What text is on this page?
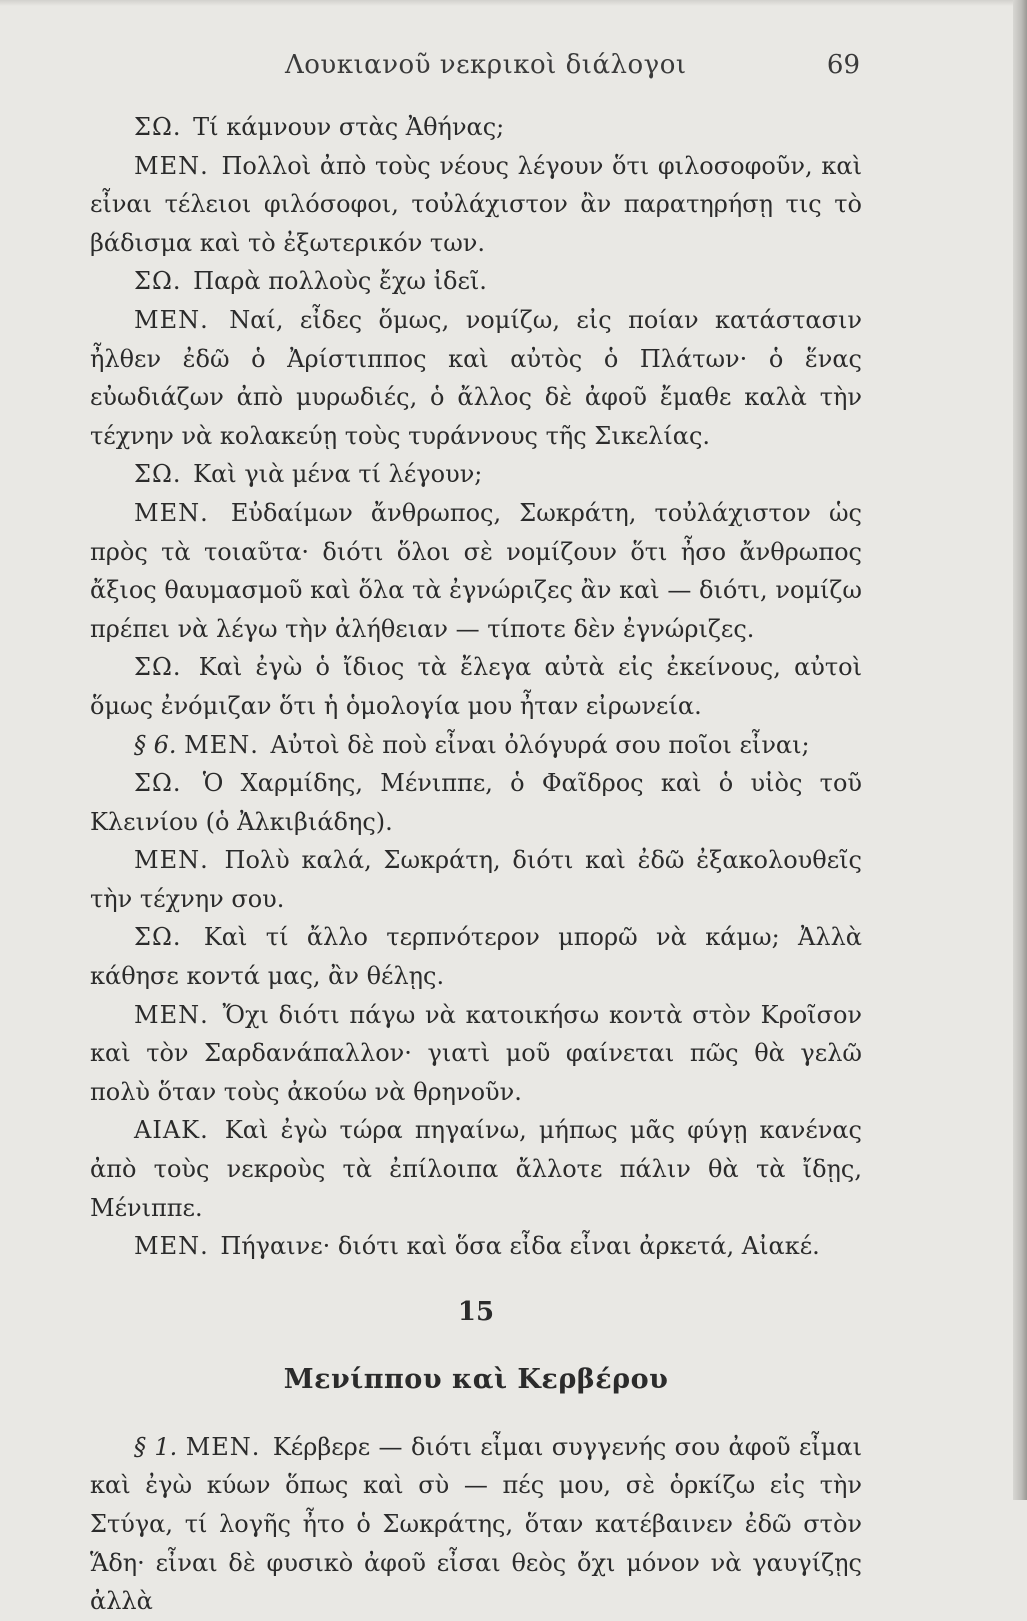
Λουκιανοῦ νεκρικοὶ διάλογοι	69

ΣΩ. Τί κάμνουν στὰς Ἀθήνας;

ΜΕΝ. Πολλοὶ ἀπὸ τοὺς νέους λέγουν ὅτι φιλοσοφοῦν, καὶ εἶναι τέλειοι φιλόσοφοι, τοὐλάχιστον ἂν παρατηρήσῃ τις τὸ βάδισμα καὶ τὸ ἐξωτερικόν των.

ΣΩ. Παρὰ πολλοὺς ἔχω ἰδεῖ.

ΜΕΝ. Ναί, εἶδες ὅμως, νομίζω, εἰς ποίαν κατάστασιν ἦλθεν ἐδῶ ὁ Ἀρίστιππος καὶ αὐτὸς ὁ Πλάτων· ὁ ἕνας εὐωδιάζων ἀπὸ μυρωδιές, ὁ ἄλλος δὲ ἀφοῦ ἔμαθε καλὰ τὴν τέχνην νὰ κολακεύῃ τοὺς τυράννους τῆς Σικελίας.

ΣΩ. Καὶ γιὰ μένα τί λέγουν;

ΜΕΝ. Εὐδαίμων ἄνθρωπος, Σωκράτη, τοὐλάχιστον ὡς πρὸς τὰ τοιαῦτα· διότι ὅλοι σὲ νομίζουν ὅτι ἦσο ἄνθρωπος ἄξιος θαυμασμοῦ καὶ ὅλα τὰ ἐγνώριζες ἂν καὶ — διότι, νομίζω πρέπει νὰ λέγω τὴν ἀλήθειαν — τίποτε δὲν ἐγνώριζες.

ΣΩ. Καὶ ἐγὼ ὁ ἴδιος τὰ ἔλεγα αὐτὰ εἰς ἐκείνους, αὐτοὶ ὅμως ἐνόμιζαν ὅτι ἡ ὁμολογία μου ἦταν εἰρωνεία.

§ 6. ΜΕΝ. Αὐτοὶ δὲ ποὺ εἶναι ὀλόγυρά σου ποῖοι εἶναι;

ΣΩ. Ὁ Χαρμίδης, Μένιππε, ὁ Φαῖδρος καὶ ὁ υἱὸς τοῦ Κλεινίου (ὁ Ἀλκιβιάδης).

ΜΕΝ. Πολὺ καλά, Σωκράτη, διότι καὶ ἐδῶ ἐξακολουθεῖς τὴν τέχνην σου.

ΣΩ. Καὶ τί ἄλλο τερπνότερον μπορῶ νὰ κάμω; Ἀλλὰ κάθησε κοντά μας, ἂν θέλῃς.

ΜΕΝ. Ὄχι διότι πάγω νὰ κατοικήσω κοντὰ στὸν Κροῖσον καὶ τὸν Σαρδανάπαλλον· γιατὶ μοῦ φαίνεται πῶς θὰ γελῶ πολὺ ὅταν τοὺς ἀκούω νὰ θρηνοῦν.

ΑΙΑΚ. Καὶ ἐγὼ τώρα πηγαίνω, μήπως μᾶς φύγῃ κανένας ἀπὸ τοὺς νεκροὺς τὰ ἐπίλοιπα ἄλλοτε πάλιν θὰ τὰ ἴδῃς, Μένιππε.

ΜΕΝ. Πήγαινε· διότι καὶ ὅσα εἶδα εἶναι ἀρκετά, Αἰακέ.

15
Μενίππου καὶ Κερβέρου

§ 1. ΜΕΝ. Κέρβερε — διότι εἶμαι συγγενής σου ἀφοῦ εἶμαι καὶ ἐγὼ κύων ὅπως καὶ σὺ — πές μου, σὲ ὁρκίζω εἰς τὴν Στύγα, τί λογῆς ἦτο ὁ Σωκράτης, ὅταν κατέβαινεν ἐδῶ στὸν Ἅδη· εἶναι δὲ φυσικὸ ἀφοῦ εἶσαι θεὸς ὄχι μόνον νὰ γαυγίζῃς ἀλλὰ
